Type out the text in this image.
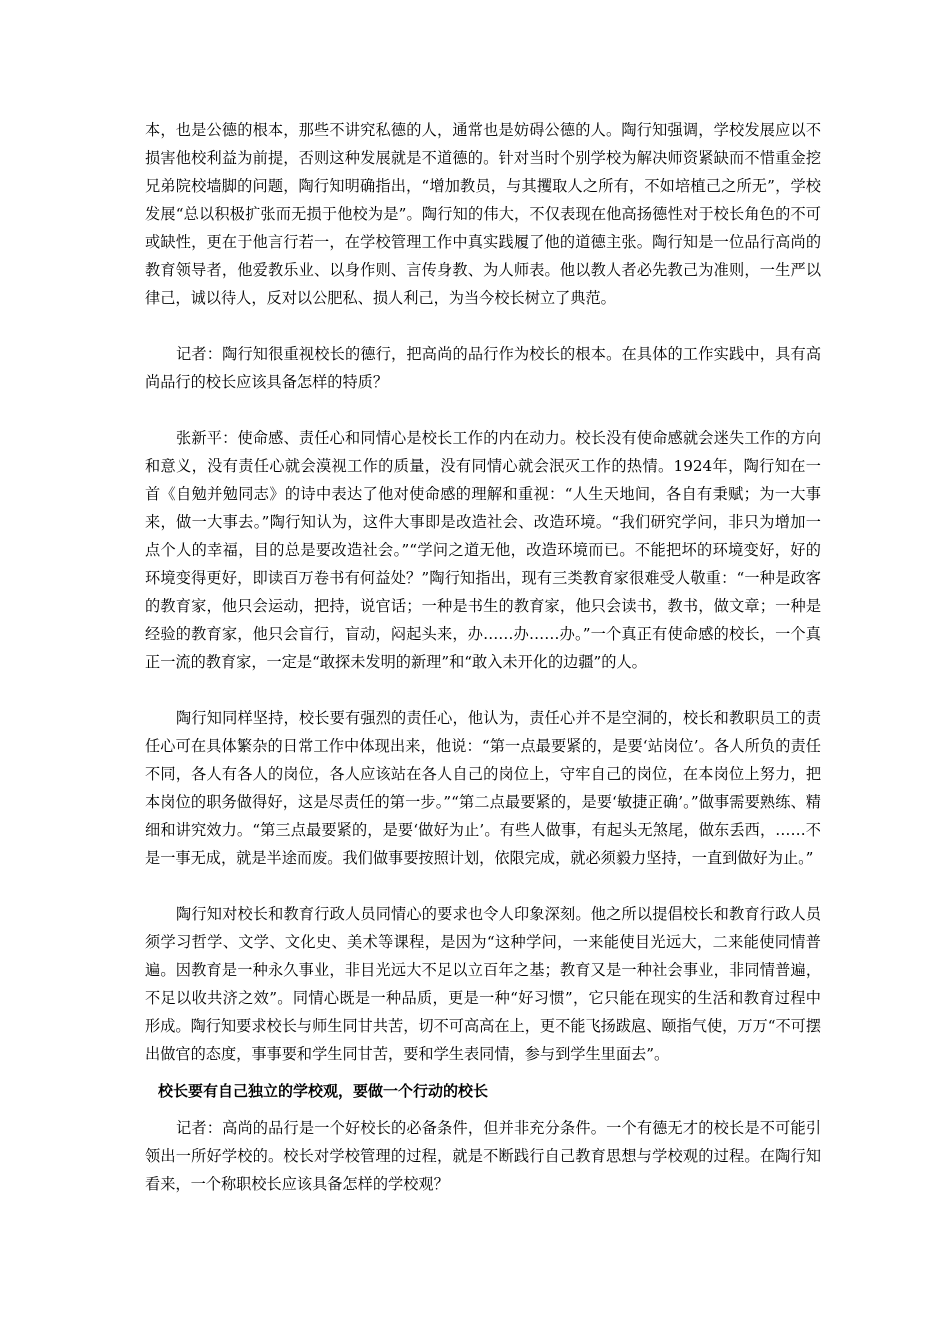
本，也是公德的根本，那些不讲究私德的人，通常也是妨碍公德的人。陶行知强调，学校发展应以不损害他校利益为前提，否则这种发展就是不道德的。针对当时个别学校为解决师资紧缺而不惜重金挖兄弟院校墙脚的问题，陶行知明确指出，“增加教员，与其攫取人之所有，不如培植己之所无”，学校发展“总以积极扩张而无损于他校为是”。陶行知的伟大，不仅表现在他高扬德性对于校长角色的不可或缺性，更在于他言行若一，在学校管理工作中真实践履了他的道德主张。陶行知是一位品行高尚的教育领导者，他爱教乐业、以身作则、言传身教、为人师表。他以教人者必先教己为准则，一生严以律己，诚以待人，反对以公肥私、损人利己，为当今校长树立了典范。

记者：陶行知很重视校长的德行，把高尚的品行作为校长的根本。在具体的工作实践中，具有高尚品行的校长应该具备怎样的特质？

张新平：使命感、责任心和同情心是校长工作的内在动力。校长没有使命感就会迷失工作的方向和意义，没有责任心就会漠视工作的质量，没有同情心就会泯灭工作的热情。1924年，陶行知在一首《自勉并勉同志》的诗中表达了他对使命感的理解和重视：“人生天地间，各自有秉赋；为一大事来，做一大事去。”陶行知认为，这件大事即是改造社会、改造环境。“我们研究学问，非只为增加一点个人的幸福，目的总是要改造社会。”“学问之道无他，改造环境而已。不能把坏的环境变好，好的环境变得更好，即读百万卷书有何益处？”陶行知指出，现有三类教育家很难受人敬重：“一种是政客的教育家，他只会运动，把持，说官话；一种是书生的教育家，他只会读书，教书，做文章；一种是经验的教育家，他只会盲行，盲动，闷起头来，办……办……办。”一个真正有使命感的校长，一个真正一流的教育家，一定是“敢探未发明的新理”和“敢入未开化的边疆”的人。

陶行知同样坚持，校长要有强烈的责任心，他认为，责任心并不是空洞的，校长和教职员工的责任心可在具体繁杂的日常工作中体现出来，他说：“第一点最要紧的，是要‘站岗位’。各人所负的责任不同，各人有各人的岗位，各人应该站在各人自己的岗位上，守牢自己的岗位，在本岗位上努力，把本岗位的职务做得好，这是尽责任的第一步。”“第二点最要紧的，是要‘敏捷正确’。”做事需要熟练、精细和讲究效力。“第三点最要紧的，是要‘做好为止’。有些人做事，有起头无煞尾，做东丢西，……不是一事无成，就是半途而废。我们做事要按照计划，依限完成，就必须毅力坚持，一直到做好为止。”

陶行知对校长和教育行政人员同情心的要求也令人印象深刻。他之所以提倡校长和教育行政人员须学习哲学、文学、文化史、美术等课程，是因为“这种学问，一来能使目光远大，二来能使同情普遍。因教育是一种永久事业，非目光远大不足以立百年之基；教育又是一种社会事业，非同情普遍，不足以收共济之效”。同情心既是一种品质，更是一种“好习惯”，它只能在现实的生活和教育过程中形成。陶行知要求校长与师生同甘共苦，切不可高高在上，更不能飞扬跋扈、颐指气使，万万“不可摆出做官的态度，事事要和学生同甘苦，要和学生表同情，参与到学生里面去”。

校长要有自己独立的学校观，要做一个行动的校长

记者：高尚的品行是一个好校长的必备条件，但并非充分条件。一个有德无才的校长是不可能引领出一所好学校的。校长对学校管理的过程，就是不断践行自己教育思想与学校观的过程。在陶行知看来，一个称职校长应该具备怎样的学校观？
